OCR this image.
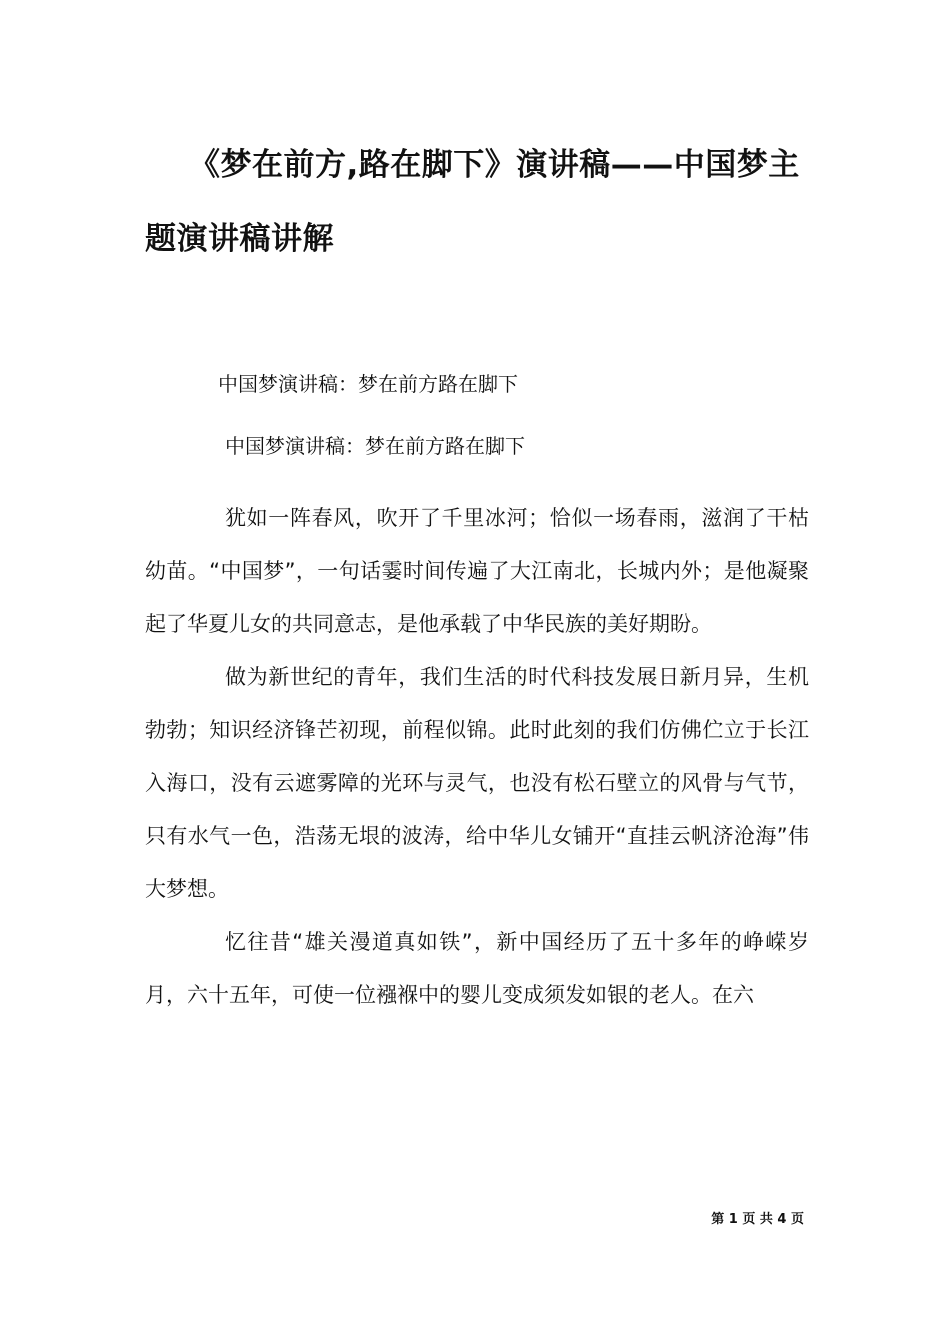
《梦在前方,路在脚下》演讲稿——中国梦主题演讲稿讲解

中国梦演讲稿：梦在前方路在脚下

中国梦演讲稿：梦在前方路在脚下

犹如一阵春风，吹开了千里冰河；恰似一场春雨，滋润了干枯幼苗。“中国梦”，一句话霎时间传遍了大江南北，长城内外；是他凝聚起了华夏儿女的共同意志，是他承载了中华民族的美好期盼。

做为新世纪的青年，我们生活的时代科技发展日新月异，生机勃勃；知识经济锋芒初现，前程似锦。此时此刻的我们仿佛伫立于长江入海口，没有云遮雾障的光环与灵气，也没有松石壁立的风骨与气节，只有水气一色，浩荡无垠的波涛，给中华儿女铺开“直挂云帆济沧海”伟大梦想。

忆往昔“雄关漫道真如铁”，新中国经历了五十多年的峥嵘岁月，六十五年，可使一位襁褓中的婴儿变成须发如银的老人。在六

第 1 页 共 4 页
